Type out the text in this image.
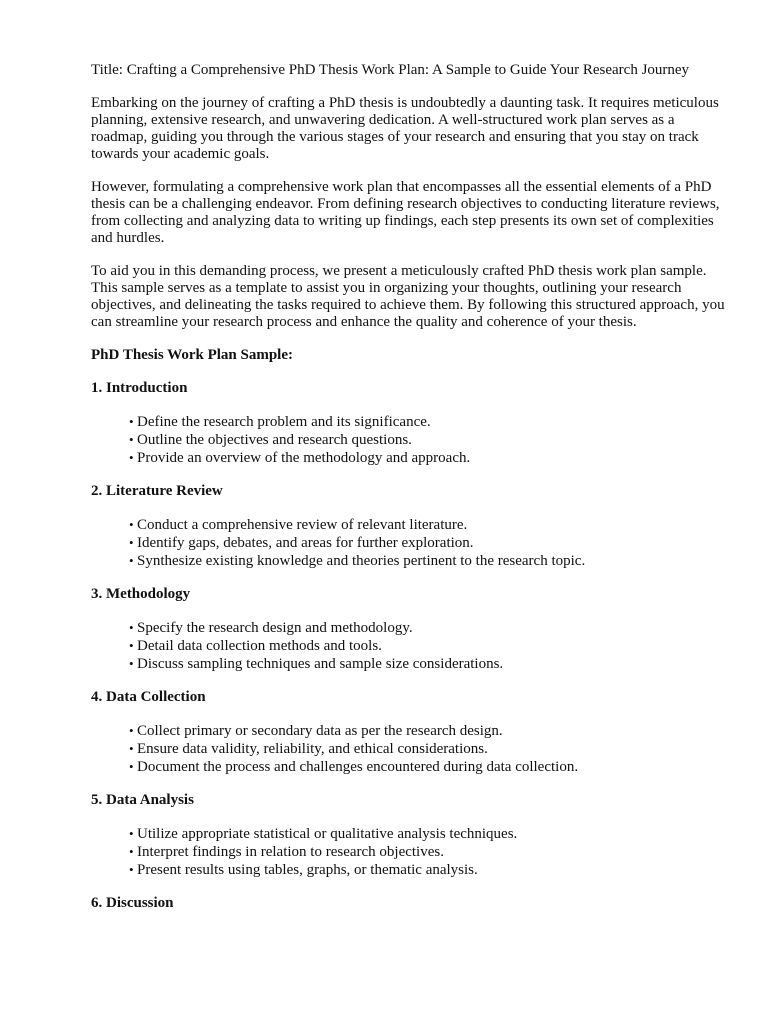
Title: Crafting a Comprehensive PhD Thesis Work Plan: A Sample to Guide Your Research Journey

Embarking on the journey of crafting a PhD thesis is undoubtedly a daunting task. It requires meticulous planning, extensive research, and unwavering dedication. A well-structured work plan serves as a roadmap, guiding you through the various stages of your research and ensuring that you stay on track towards your academic goals.

However, formulating a comprehensive work plan that encompasses all the essential elements of a PhD thesis can be a challenging endeavor. From defining research objectives to conducting literature reviews, from collecting and analyzing data to writing up findings, each step presents its own set of complexities and hurdles.

To aid you in this demanding process, we present a meticulously crafted PhD thesis work plan sample. This sample serves as a template to assist you in organizing your thoughts, outlining your research objectives, and delineating the tasks required to achieve them. By following this structured approach, you can streamline your research process and enhance the quality and coherence of your thesis.

PhD Thesis Work Plan Sample:

1. Introduction

• Define the research problem and its significance.
• Outline the objectives and research questions.
• Provide an overview of the methodology and approach.

2. Literature Review

• Conduct a comprehensive review of relevant literature.
• Identify gaps, debates, and areas for further exploration.
• Synthesize existing knowledge and theories pertinent to the research topic.

3. Methodology

• Specify the research design and methodology.
• Detail data collection methods and tools.
• Discuss sampling techniques and sample size considerations.

4. Data Collection

• Collect primary or secondary data as per the research design.
• Ensure data validity, reliability, and ethical considerations.
• Document the process and challenges encountered during data collection.

5. Data Analysis

• Utilize appropriate statistical or qualitative analysis techniques.
• Interpret findings in relation to research objectives.
• Present results using tables, graphs, or thematic analysis.

6. Discussion
